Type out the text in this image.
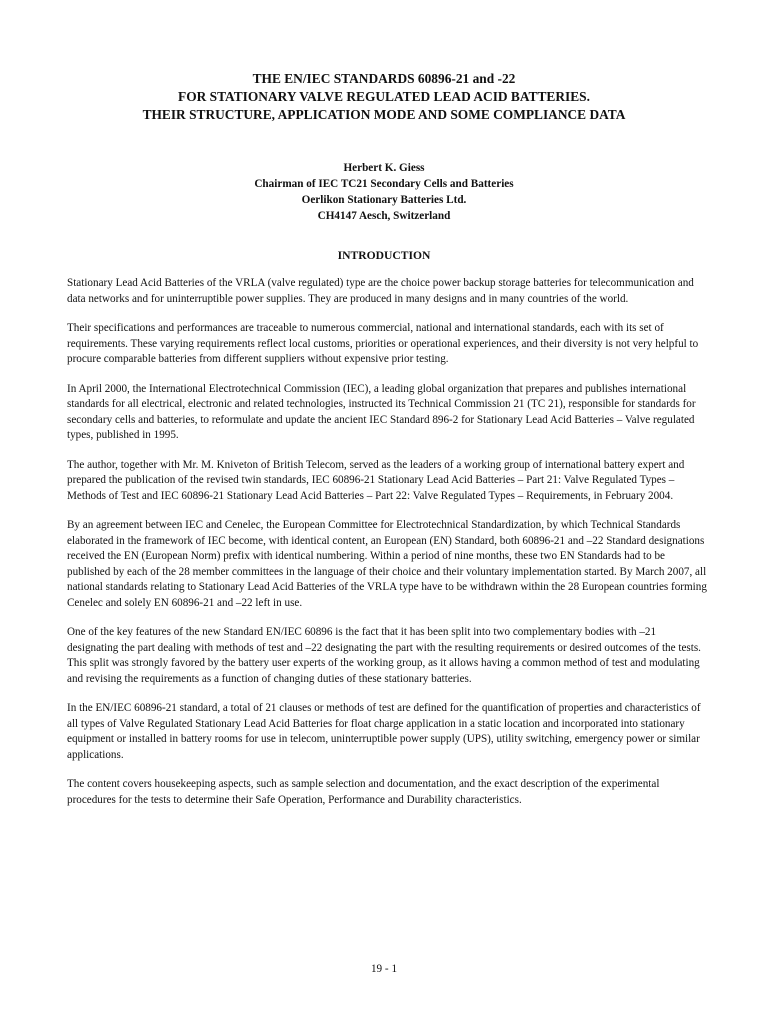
THE EN/IEC STANDARDS 60896-21 and -22
FOR STATIONARY VALVE REGULATED LEAD ACID BATTERIES.
THEIR STRUCTURE, APPLICATION MODE AND SOME COMPLIANCE DATA
Herbert K. Giess
Chairman of IEC TC21 Secondary Cells and Batteries
Oerlikon Stationary Batteries Ltd.
CH4147 Aesch, Switzerland
INTRODUCTION

Stationary Lead Acid Batteries of the VRLA (valve regulated) type are the choice power backup storage batteries for telecommunication and data networks and for uninterruptible power supplies. They are produced in many designs and in many countries of the world.

Their specifications and performances are traceable to numerous commercial, national and international standards, each with its set of requirements. These varying requirements reflect local customs, priorities or operational experiences, and their diversity is not very helpful to procure comparable batteries from different suppliers without expensive prior testing.

In April 2000, the International Electrotechnical Commission (IEC), a leading global organization that prepares and publishes international standards for all electrical, electronic and related technologies, instructed its Technical Commission 21 (TC 21), responsible for standards for secondary cells and batteries, to reformulate and update the ancient IEC Standard 896-2 for Stationary Lead Acid Batteries – Valve regulated types, published in 1995.

The author, together with Mr. M. Kniveton of British Telecom, served as the leaders of a working group of international battery expert and prepared the publication of the revised twin standards, IEC 60896-21 Stationary Lead Acid Batteries – Part 21: Valve Regulated Types – Methods of Test and IEC 60896-21 Stationary Lead Acid Batteries – Part 22: Valve Regulated Types – Requirements, in February 2004.

By an agreement between IEC and Cenelec, the European Committee for Electrotechnical Standardization, by which Technical Standards elaborated in the framework of IEC become, with identical content, an European (EN) Standard, both 60896-21 and –22 Standard designations received the EN (European Norm) prefix with identical numbering. Within a period of nine months, these two EN Standards had to be published by each of the 28 member committees in the language of their choice and their voluntary implementation started. By March 2007, all national standards relating to Stationary Lead Acid Batteries of the VRLA type have to be withdrawn within the 28 European countries forming Cenelec and solely EN 60896-21 and –22 left in use.

One of the key features of the new Standard EN/IEC 60896 is the fact that it has been split into two complementary bodies with –21 designating the part dealing with methods of test and –22 designating the part with the resulting requirements or desired outcomes of the tests. This split was strongly favored by the battery user experts of the working group, as it allows having a common method of test and modulating and revising the requirements as a function of changing duties of these stationary batteries.

In the EN/IEC 60896-21 standard, a total of 21 clauses or methods of test are defined for the quantification of properties and characteristics of all types of Valve Regulated Stationary Lead Acid Batteries for float charge application in a static location and incorporated into stationary equipment or installed in battery rooms for use in telecom, uninterruptible power supply (UPS), utility switching, emergency power or similar applications.

The content covers housekeeping aspects, such as sample selection and documentation, and the exact description of the experimental procedures for the tests to determine their Safe Operation, Performance and Durability characteristics.

19 - 1
